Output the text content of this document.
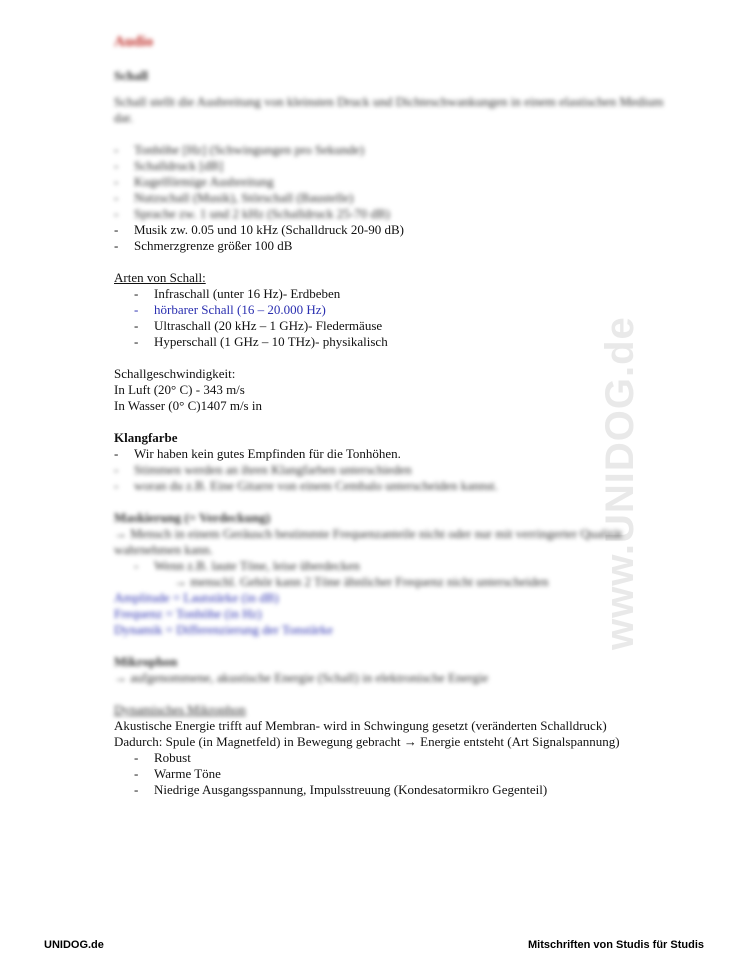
www.UNIDOG.de
Audio
Schall

Schall stellt die Ausbreitung von kleinsten Druck und Dichteschwankungen in einem elastischen Medium dar.

- Tonhöhe [Hz] (Schwingungen pro Sekunde)
- Schalldruck [dB]
- Kugelförmige Ausbreitung
- Nutzschall (Musik), Störschall (Baustelle)
- Sprache zw. 1 und 2 kHz (Schalldruck 25-70 dB)
- Musik zw. 0.05 und 10 kHz (Schalldruck 20-90 dB)
- Schmerzgrenze größer 100 dB
Arten von Schall:
- Infraschall (unter 16 Hz)- Erdbeben
- hörbarer Schall (16 – 20.000 Hz)
- Ultraschall (20 kHz – 1 GHz)- Fledermäuse
- Hyperschall (1 GHz – 10 THz)- physikalisch
Schallgeschwindigkeit:
In Luft (20° C) - 343 m/s
In Wasser (0° C)1407 m/s in
Klangfarbe
- Wir haben kein gutes Empfinden für die Tonhöhen.
- Stimmen werden an ihren Klangfarben unterschieden
- woran du z.B. Eine Gitarre von einem Cembalo unterscheiden kannst.
Maskierung (= Verdeckung)

→ Mensch in einem Geräusch bestimmte Frequenzanteile nicht oder nur mit verringerter Qualität wahrnehmen kann.

- Wenn z.B. laute Töne, leise überdecken
→ menschl. Gehör kann 2 Töne ähnlicher Frequenz nicht unterscheiden
Amplitude = Lautstärke (in dB)
Frequenz = Tonhöhe (in Hz)
Dynamik = Differenzierung der Tonstärke
Mikrophon
→ aufgenommene, akustische Energie (Schall) in elektronische Energie
Dynamisches Mikrophon
Akustische Energie trifft auf Membran- wird in Schwingung gesetzt (veränderten Schalldruck)
Dadurch: Spule (in Magnetfeld) in Bewegung gebracht → Energie entsteht (Art Signalspannung)
- Robust
- Warme Töne
- Niedrige Ausgangsspannung, Impulsstreuung (Kondesatormikro Gegenteil)
UNIDOG.de	Mitschriften von Studis für Studis
